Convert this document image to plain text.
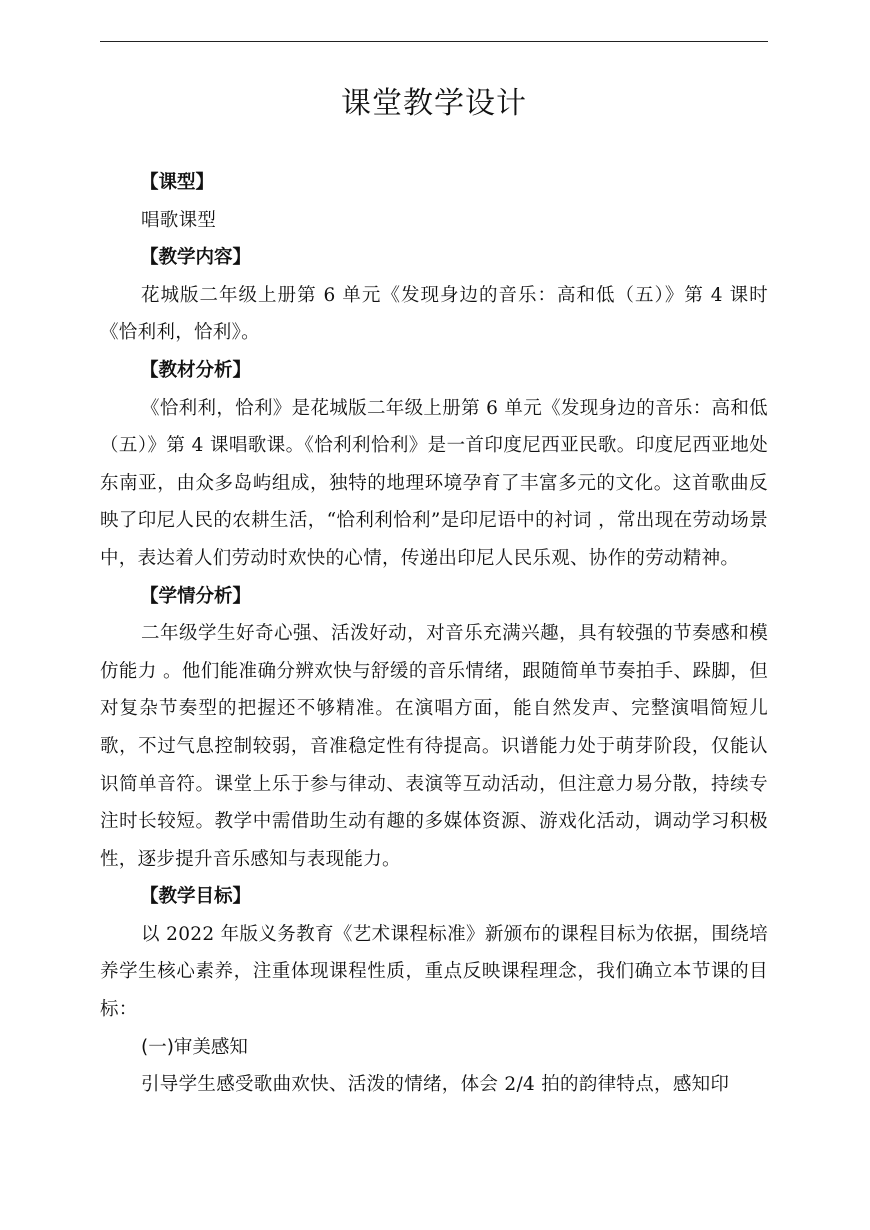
课堂教学设计
【课型】

唱歌课型

【教学内容】

花城版二年级上册第 6 单元《发现身边的音乐：高和低（五）》第 4 课时《恰利利，恰利》。

【教材分析】

《恰利利，恰利》是花城版二年级上册第 6 单元《发现身边的音乐：高和低（五）》第 4 课唱歌课。《恰利利恰利》是一首印度尼西亚民歌。印度尼西亚地处东南亚，由众多岛屿组成，独特的地理环境孕育了丰富多元的文化。这首歌曲反映了印尼人民的农耕生活，“恰利利恰利”是印尼语中的衬词 ，常出现在劳动场景中，表达着人们劳动时欢快的心情，传递出印尼人民乐观、协作的劳动精神。

【学情分析】

二年级学生好奇心强、活泼好动，对音乐充满兴趣，具有较强的节奏感和模仿能力 。他们能准确分辨欢快与舒缓的音乐情绪，跟随简单节奏拍手、跺脚，但对复杂节奏型的把握还不够精准。在演唱方面，能自然发声、完整演唱简短儿歌，不过气息控制较弱，音准稳定性有待提高。识谱能力处于萌芽阶段，仅能认识简单音符。课堂上乐于参与律动、表演等互动活动，但注意力易分散，持续专注时长较短。教学中需借助生动有趣的多媒体资源、游戏化活动，调动学习积极性，逐步提升音乐感知与表现能力。

【教学目标】

以 2022 年版义务教育《艺术课程标准》新颁布的课程目标为依据，围绕培养学生核心素养，注重体现课程性质，重点反映课程理念，我们确立本节课的目标：

(一)审美感知

引导学生感受歌曲欢快、活泼的情绪，体会 2/4 拍的韵律特点，感知印
